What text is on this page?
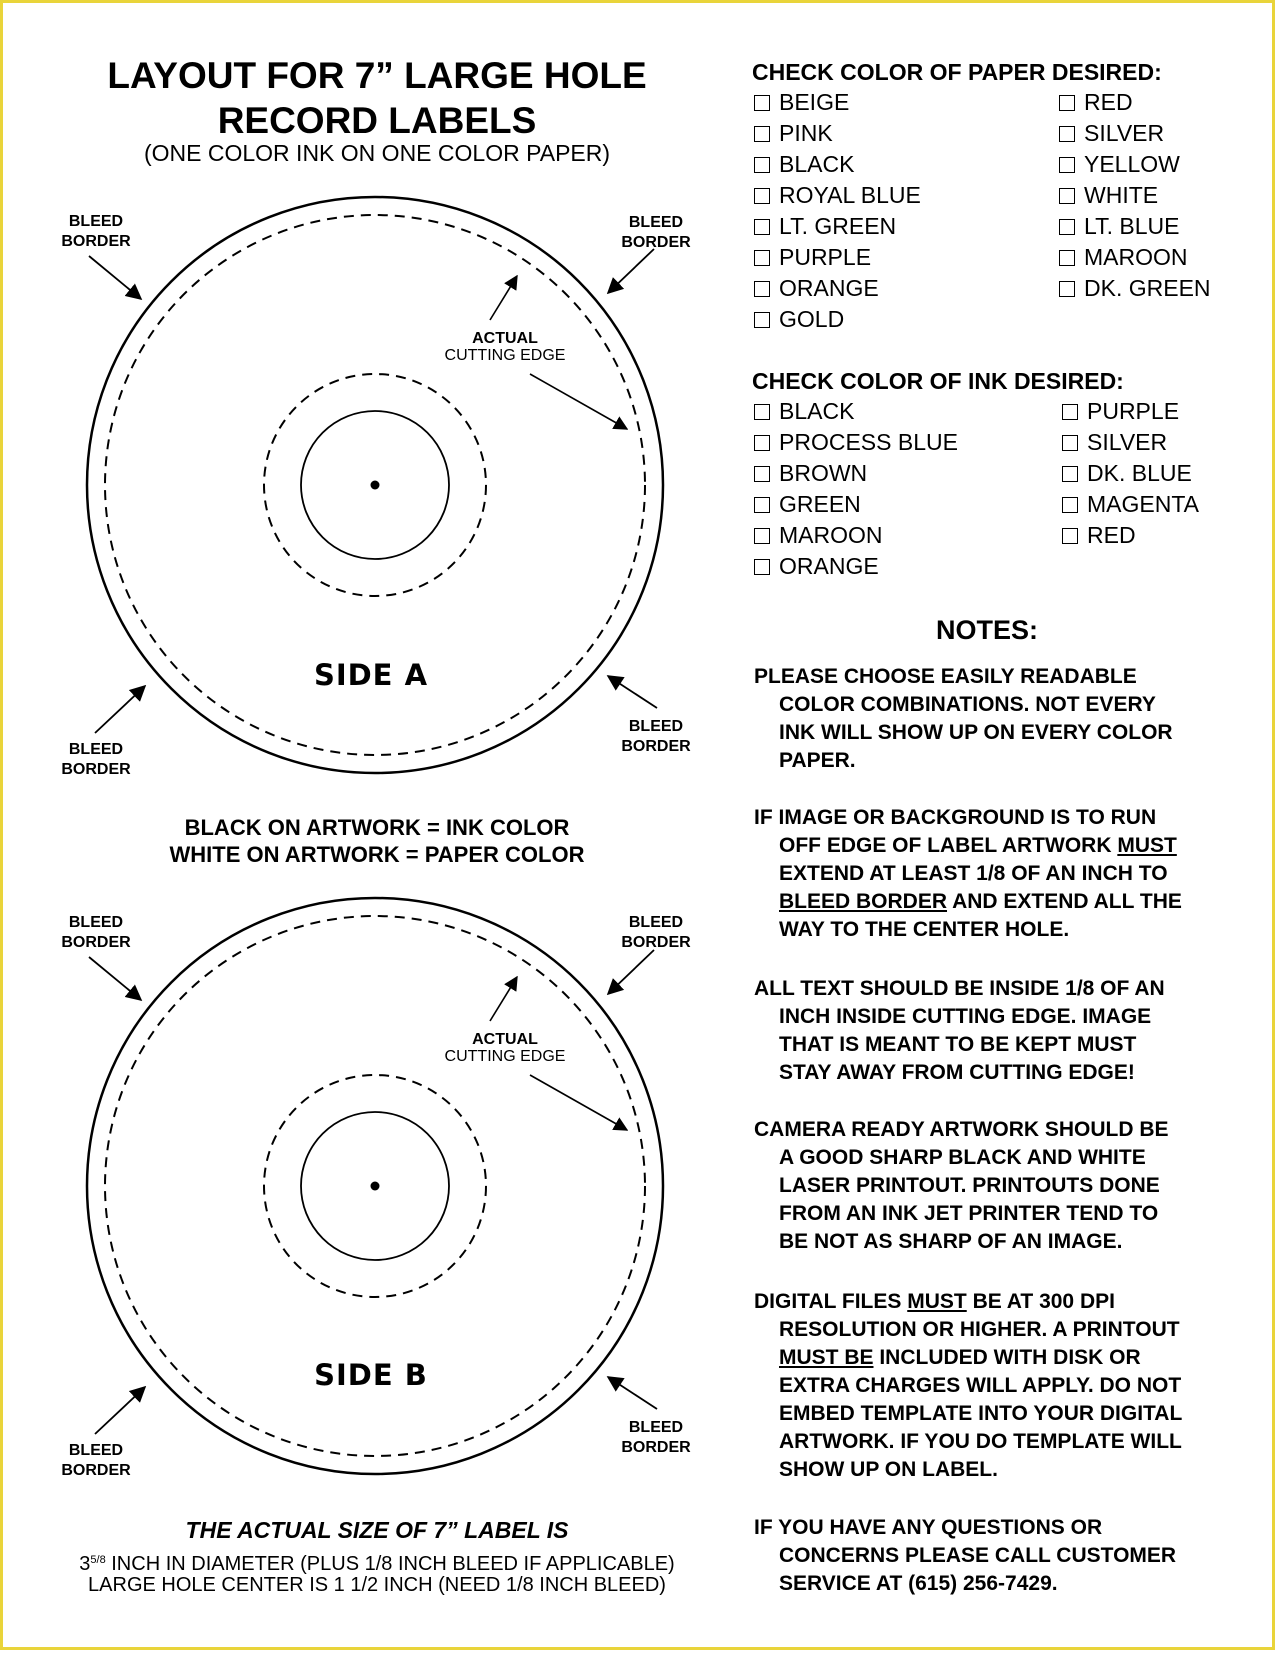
LAYOUT FOR 7” LARGE HOLE
RECORD LABELS
(ONE COLOR INK ON ONE COLOR PAPER)
BLEED
BORDER
BLEED
BORDER
BLEED
BORDER
BLEED
BORDER
ACTUAL
CUTTING EDGE
SIDE A
BLACK ON ARTWORK = INK COLOR
WHITE ON ARTWORK = PAPER COLOR
BLEED
BORDER
BLEED
BORDER
BLEED
BORDER
BLEED
BORDER
ACTUAL
CUTTING EDGE
SIDE B
THE ACTUAL SIZE OF 7” LABEL IS
$3^{5/8}$ INCH IN DIAMETER (PLUS 1/8 INCH BLEED IF APPLICABLE)
LARGE HOLE CENTER IS 1 1/2 INCH (NEED 1/8 INCH BLEED)
CHECK COLOR OF PAPER DESIRED:
BEIGE
PINK
BLACK
ROYAL BLUE
LT. GREEN
PURPLE
ORANGE
GOLD
RED
SILVER
YELLOW
WHITE
LT. BLUE
MAROON
DK. GREEN
CHECK COLOR OF INK DESIRED:
BLACK
PROCESS BLUE
BROWN
GREEN
MAROON
ORANGE
PURPLE
SILVER
DK. BLUE
MAGENTA
RED
NOTES:
PLEASE CHOOSE EASILY READABLE
COLOR COMBINATIONS. NOT EVERY
INK WILL SHOW UP ON EVERY COLOR
PAPER.
IF IMAGE OR BACKGROUND IS TO RUN
OFF EDGE OF LABEL ARTWORK MUST
EXTEND AT LEAST 1/8 OF AN INCH TO
BLEED BORDER AND EXTEND ALL THE
WAY TO THE CENTER HOLE.
ALL TEXT SHOULD BE INSIDE 1/8 OF AN
INCH INSIDE CUTTING EDGE. IMAGE
THAT IS MEANT TO BE KEPT MUST
STAY AWAY FROM CUTTING EDGE!
CAMERA READY ARTWORK SHOULD BE
A GOOD SHARP BLACK AND WHITE
LASER PRINTOUT. PRINTOUTS DONE
FROM AN INK JET PRINTER TEND TO
BE NOT AS SHARP OF AN IMAGE.
DIGITAL FILES MUST BE AT 300 DPI
RESOLUTION OR HIGHER. A PRINTOUT
MUST BE INCLUDED WITH DISK OR
EXTRA CHARGES WILL APPLY. DO NOT
EMBED TEMPLATE INTO YOUR DIGITAL
ARTWORK. IF YOU DO TEMPLATE WILL
SHOW UP ON LABEL.
IF YOU HAVE ANY QUESTIONS OR
CONCERNS PLEASE CALL CUSTOMER
SERVICE AT (615) 256-7429.
